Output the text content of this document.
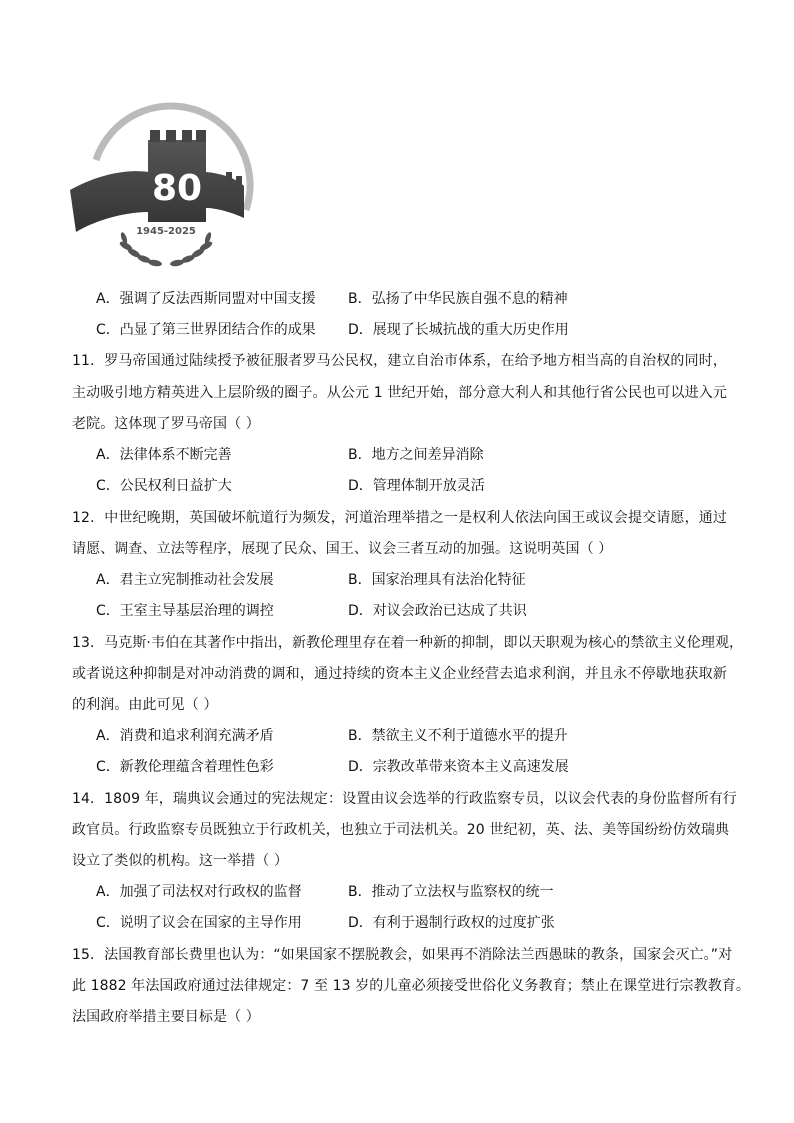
80
1945-2025
A．强调了反法西斯同盟对中国支援 B．弘扬了中华民族自强不息的精神
C．凸显了第三世界团结合作的成果 D．展现了长城抗战的重大历史作用
11．罗马帝国通过陆续授予被征服者罗马公民权，建立自治市体系，在给予地方相当高的自治权的同时，
主动吸引地方精英进入上层阶级的圈子。从公元 1 世纪开始，部分意大利人和其他行省公民也可以进入元
老院。这体现了罗马帝国（ ）
A．法律体系不断完善	B．地方之间差异消除
C．公民权利日益扩大	D．管理体制开放灵活
12．中世纪晚期，英国破坏航道行为频发，河道治理举措之一是权利人依法向国王或议会提交请愿，通过
请愿、调查、立法等程序，展现了民众、国王、议会三者互动的加强。这说明英国（ ）
A．君主立宪制推动社会发展	B．国家治理具有法治化特征
C．王室主导基层治理的调控	D．对议会政治已达成了共识
13．马克斯·韦伯在其著作中指出，新教伦理里存在着一种新的抑制，即以天职观为核心的禁欲主义伦理观，
或者说这种抑制是对冲动消费的调和，通过持续的资本主义企业经营去追求利润，并且永不停歇地获取新
的利润。由此可见（ ）
A．消费和追求利润充满矛盾	B．禁欲主义不利于道德水平的提升
C．新教伦理蕴含着理性色彩	D．宗教改革带来资本主义高速发展
14．1809 年，瑞典议会通过的宪法规定：设置由议会选举的行政监察专员，以议会代表的身份监督所有行
政官员。行政监察专员既独立于行政机关，也独立于司法机关。20 世纪初，英、法、美等国纷纷仿效瑞典
设立了类似的机构。这一举措（ ）
A．加强了司法权对行政权的监督	B．推动了立法权与监察权的统一
C．说明了议会在国家的主导作用	D．有利于遏制行政权的过度扩张
15．法国教育部长费里也认为：“如果国家不摆脱教会，如果再不消除法兰西愚昧的教条，国家会灭亡。”对
此 1882 年法国政府通过法律规定：7 至 13 岁的儿童必须接受世俗化义务教育；禁止在课堂进行宗教教育。
法国政府举措主要目标是（ ）
